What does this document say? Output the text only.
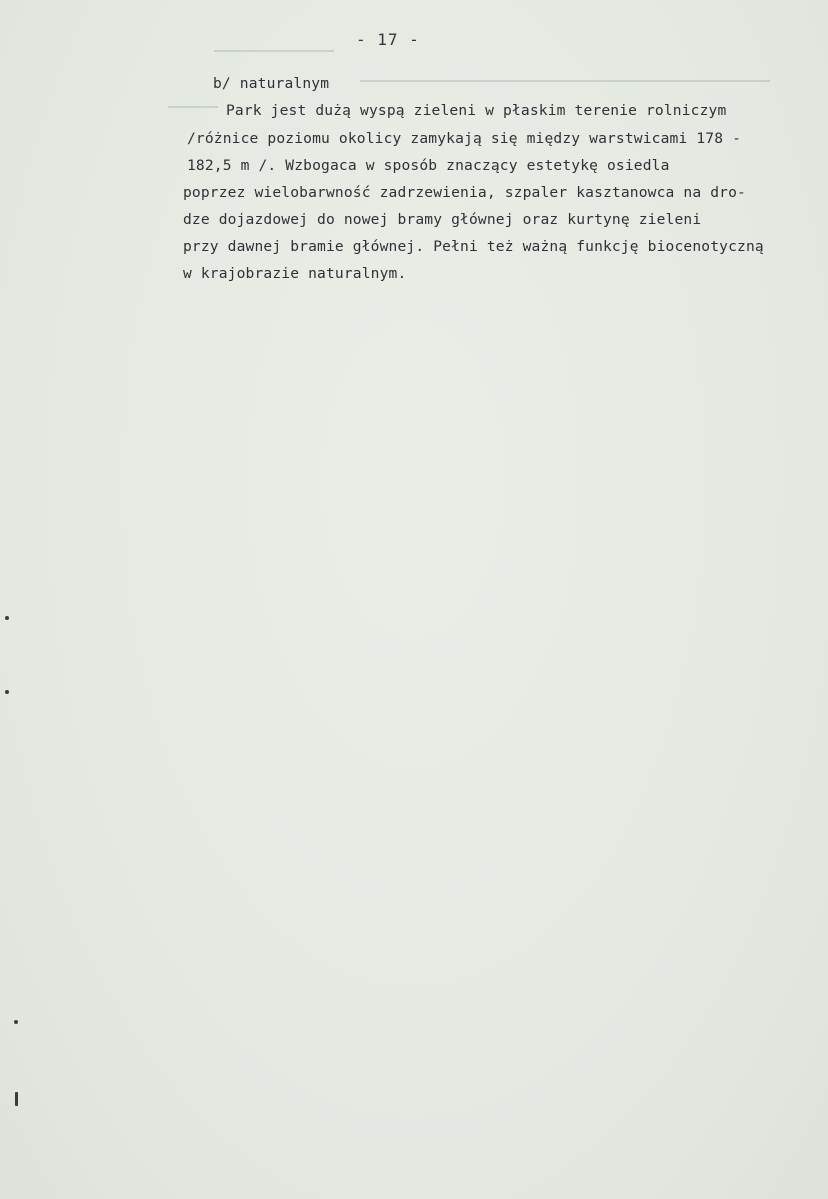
- 17 -
b/ naturalnym
Park jest dużą wyspą zieleni w płaskim terenie rolniczym
/różnice poziomu okolicy zamykają się między warstwicami 178 -
182,5 m /. Wzbogaca w sposób znaczący estetykę osiedla
poprzez wielobarwność zadrzewienia, szpaler kasztanowca na dro-
dze dojazdowej do nowej bramy głównej oraz kurtynę zieleni
przy dawnej bramie głównej. Pełni też ważną funkcję biocenotyczną
w krajobrazie naturalnym.
